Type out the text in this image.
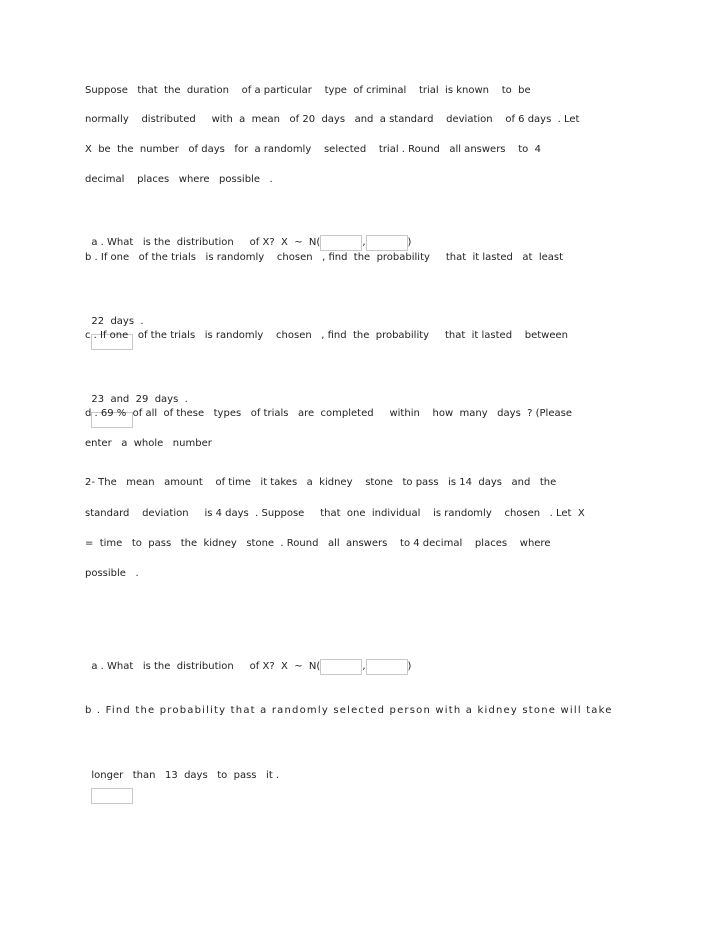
Suppose   that  the  duration    of a particular    type  of criminal    trial  is known    to  be
normally    distributed     with  a  mean   of 20  days   and  a standard    deviation    of 6 days  . Let
X  be  the  number   of days   for  a randomly    selected    trial . Round   all answers    to  4
decimal    places   where   possible   .

a . What   is the  distribution     of X?  X  ~  N(	,	)

b . If one   of the trials   is randomly    chosen   , find  the  probability     that  it lasted   at  least

22  days  .

c . If one   of the trials   is randomly    chosen   , find  the  probability     that  it lasted    between

23  and  29  days  .

d . 69 %  of all  of these   types   of trials   are  completed     within    how  many   days  ? (Please
enter   a  whole   number
2- The   mean   amount    of time   it takes   a  kidney    stone   to pass   is 14  days   and   the
standard    deviation     is 4 days  . Suppose     that  one  individual    is randomly    chosen   . Let  X
=  time   to  pass   the  kidney   stone  . Round   all  answers    to 4 decimal    places    where
possible   .

a . What   is the  distribution     of X?  X  ~  N(	,	)

b . Find the probability that a randomly selected person with a kidney stone will take

longer   than   13  days   to  pass   it .
